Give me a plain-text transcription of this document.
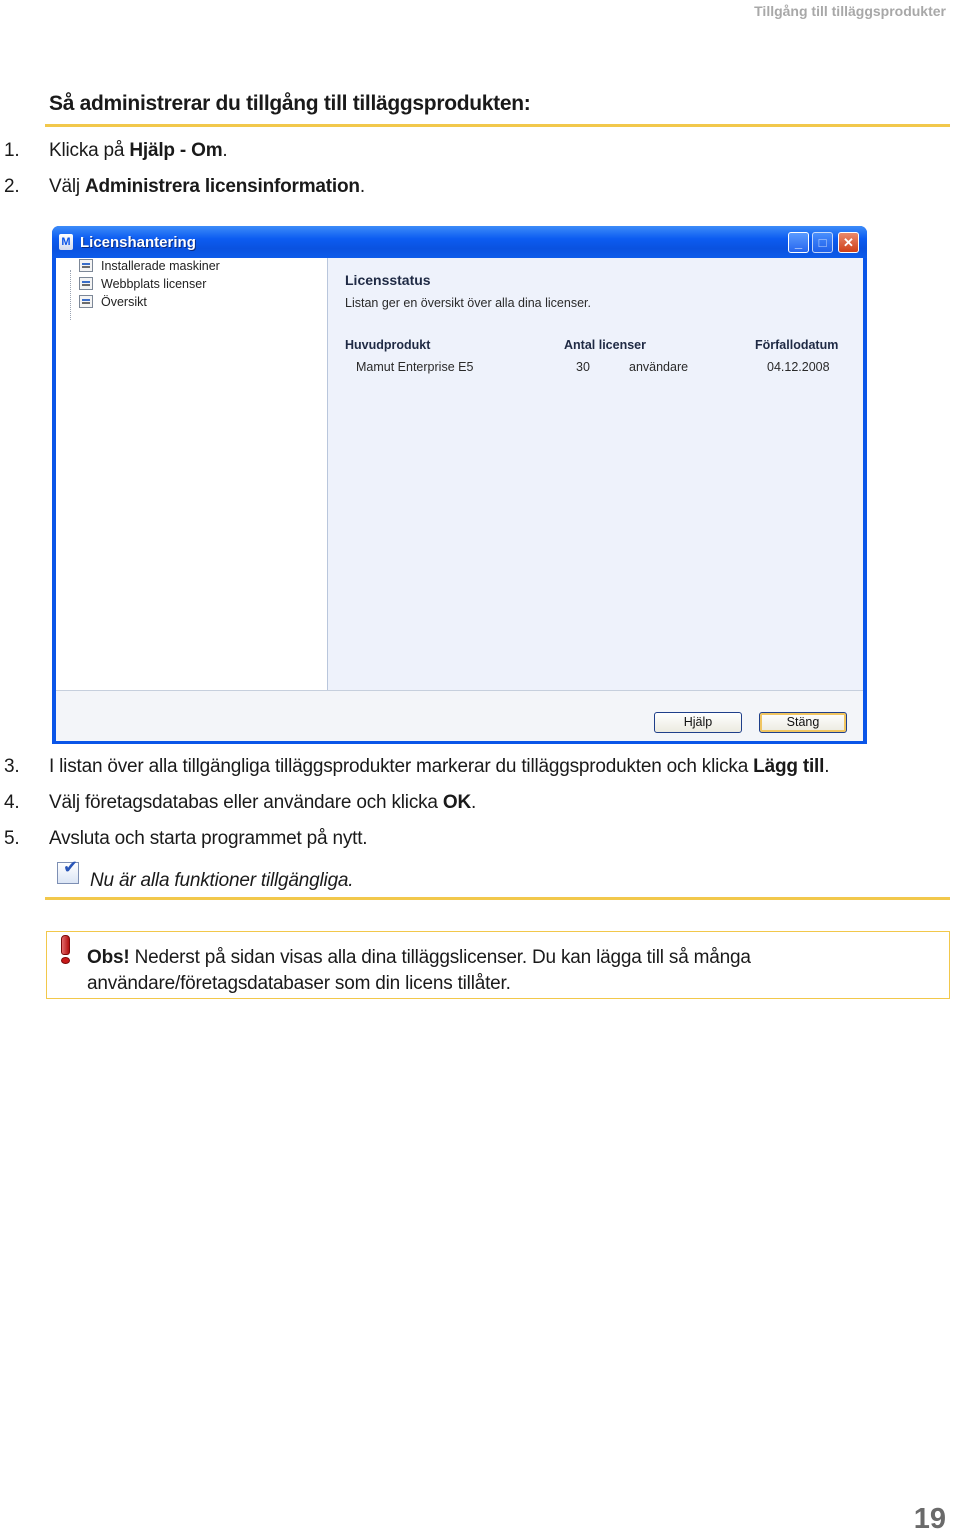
Tillgång till tilläggsprodukter
Så administrerar du tillgång till tilläggsprodukten:
1. Klicka på Hjälp - Om.
2. Välj Administrera licensinformation.
M Licenshantering	_	□	✕
Installerade maskiner
Webbplats licenser
Översikt
Licensstatus
Listan ger en översikt över alla dina licenser.
Huvudprodukt	Antal licenser	Förfallodatum
Mamut Enterprise E5	30	användare	04.12.2008
Hjälp	Stäng
3. I listan över alla tillgängliga tilläggsprodukter markerar du tilläggsprodukten och klicka Lägg till.
4. Välj företagsdatabas eller användare och klicka OK.
5. Avsluta och starta programmet på nytt.
✔
Nu är alla funktioner tillgängliga.
Obs! Nederst på sidan visas alla dina tilläggslicenser. Du kan lägga till så många användare/företagsdatabaser som din licens tillåter.
19
